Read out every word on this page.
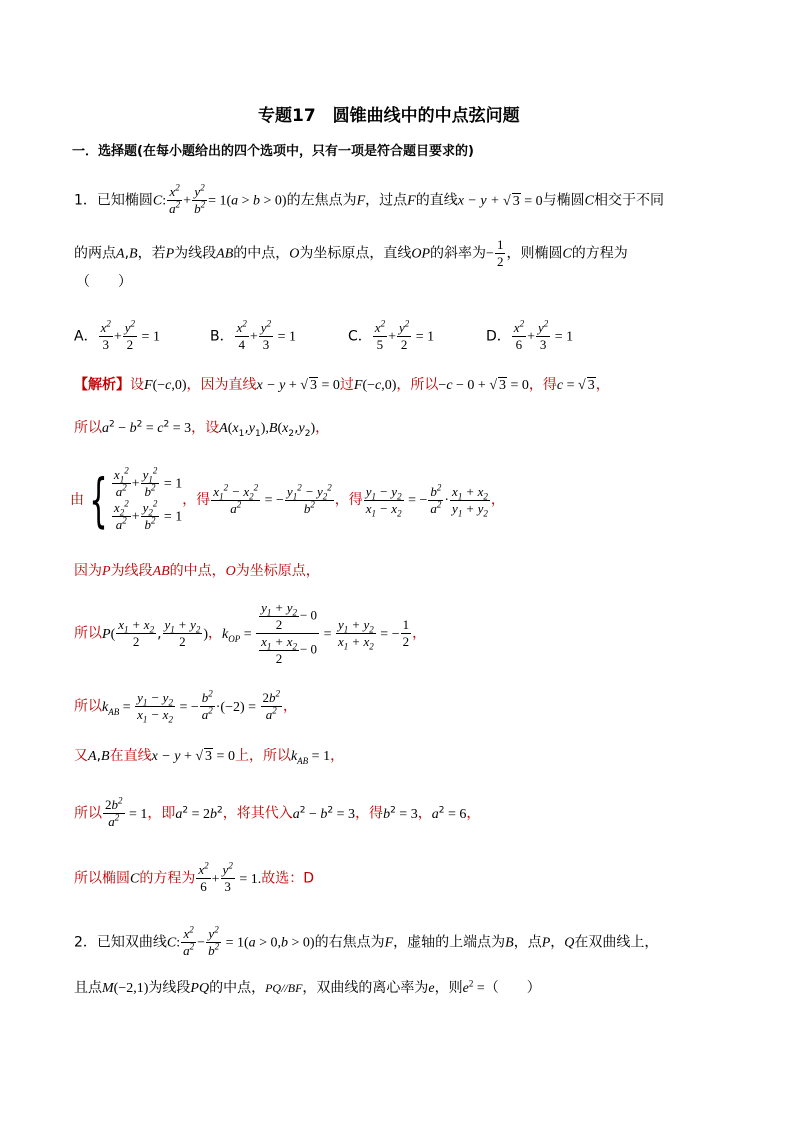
专题17　圆锥曲线中的中点弦问题
一．选择题(在每小题给出的四个选项中，只有一项是符合题目要求的)
1．已知椭圆C: $\frac{x^2}{a^2} + \frac{y^2}{b^2} = 1(a > b > 0)$的左焦点为F，过点F的直线x − y + √ 3 = 0与椭圆C相交于不同
的两点A,B，若P为线段AB的中点，O为坐标原点，直线OP的斜率为− $\frac{1}{2}$ ，则椭圆C的方程为
（　　）
A． $\frac{x^2}{3} + \frac{y^2}{2} = 1$	B． $\frac{x^2}{4} + \frac{y^2}{3} = 1$	C． $\frac{x^2}{5} + \frac{y^2}{2} = 1$	D． $\frac{x^2}{6} + \frac{y^2}{3} = 1$
【解析】设F(−c,0)，因为直线x − y + √ 3 = 0过F(−c,0)，所以−c − 0 + √ 3 = 0，得c = √ 3，
所以$a^2 - b^2 = c^2 = 3$，设$A(x_1,y_1),B(x_2,y_2)$，
由{ $\frac{x_1^2}{a^2} + \frac{y_1^2}{b^2} = 1$
$\frac{x_2^2}{a^2} + \frac{y_2^2}{b^2} = 1$
，得 $\frac{x_1^2 - x_2^2}{a^2}$ = − $\frac{y_1^2 - y_2^2}{b^2}$ ，得 $\frac{y_1 - y_2}{x_1 - x_2}$ = − $\frac{b^2}{a^2} \cdot \frac{x_1 + x_2}{y_1 + y_2}$ ，
因为P为线段AB的中点，O为坐标原点，
所以$P( \frac{x_1 + x_2}{2}$ , $\frac{y_1 + y_2}{2}$ )，$k_{OP} = \frac{\frac{y_1 + y_2}{2} - 0}{\frac{x_1 + x_2}{2} - 0} = \frac{y_1 + y_2}{x_1 + x_2}$ = − $\frac{1}{2}$ ，
所以$k_{AB} = \frac{y_1 - y_2}{x_1 - x_2}$ = − $\frac{b^2}{a^2} \cdot(-2) = \frac{2b^2}{a^2}$ ，
又A,B在直线x − y + √ 3 = 0上，所以$k_{AB} = 1$，
所以 $\frac{2b^2}{a^2} = 1$，即$a^2 = 2b^2$，将其代入$a^2 - b^2 = 3$，得$b^2 = 3$，$a^2 = 6$，
所以椭圆C的方程为 $\frac{x^2}{6} + \frac{y^2}{3} = 1$.故选：D
2．已知双曲线C: $\frac{x^2}{a^2} - \frac{y^2}{b^2} = 1(a > 0,b > 0)$的右焦点为F，虚轴的上端点为B，点P，Q在双曲线上，
且点M(−2,1)为线段PQ的中点，PQ//BF，双曲线的离心率为e，则$e^2$ =（　　）
